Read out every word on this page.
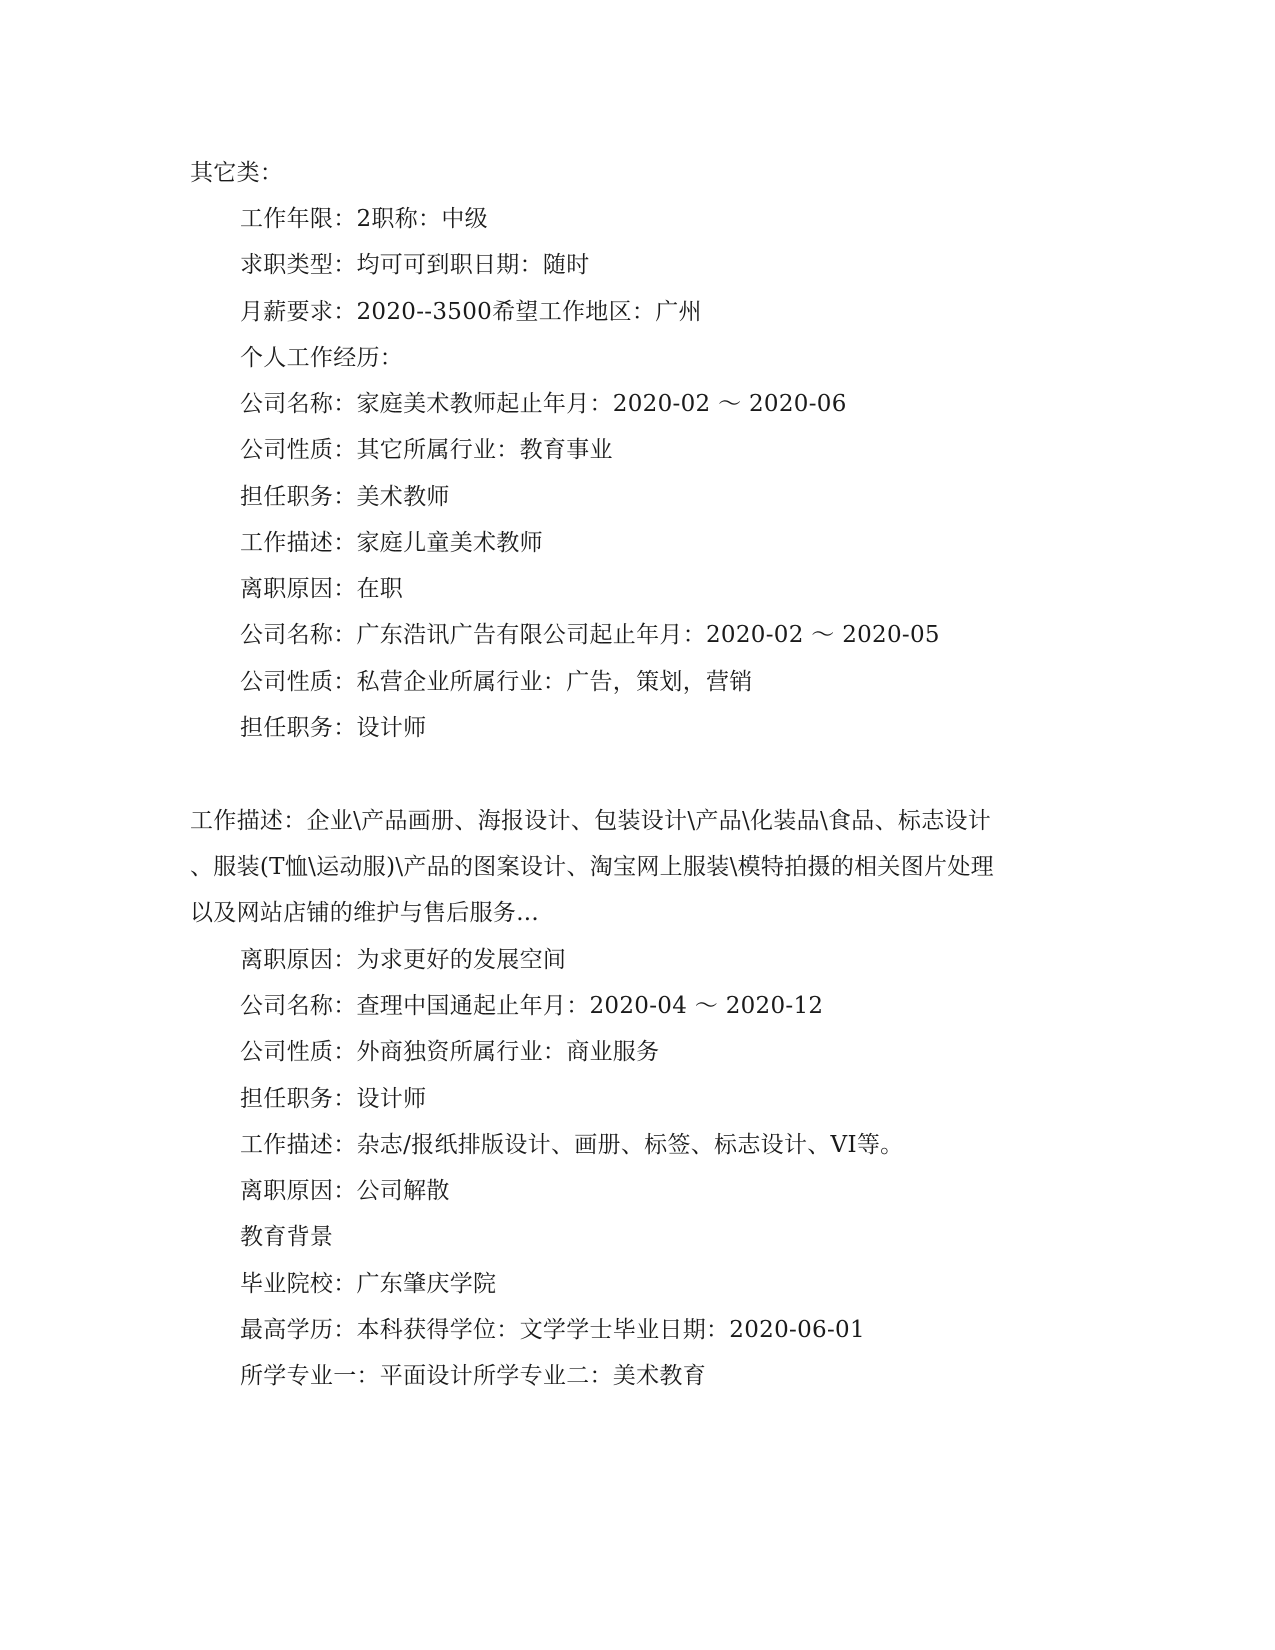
其它类：
工作年限：2职称：中级
求职类型：均可可到职日期：随时
月薪要求：2020--3500希望工作地区：广州
个人工作经历：
公司名称：家庭美术教师起止年月：2020-02 ～ 2020-06
公司性质：其它所属行业：教育事业
担任职务：美术教师
工作描述：家庭儿童美术教师
离职原因：在职
公司名称：广东浩讯广告有限公司起止年月：2020-02 ～ 2020-05
公司性质：私营企业所属行业：广告，策划，营销
担任职务：设计师
工作描述：企业\产品画册、海报设计、包装设计\产品\化装品\食品、标志设计
、服装(T恤\运动服)\产品的图案设计、淘宝网上服装\模特拍摄的相关图片处理
以及网站店铺的维护与售后服务...
离职原因：为求更好的发展空间
公司名称：查理中国通起止年月：2020-04 ～ 2020-12
公司性质：外商独资所属行业：商业服务
担任职务：设计师
工作描述：杂志/报纸排版设计、画册、标签、标志设计、VI等。
离职原因：公司解散
教育背景
毕业院校：广东肇庆学院
最高学历：本科获得学位：文学学士毕业日期：2020-06-01
所学专业一：平面设计所学专业二：美术教育
